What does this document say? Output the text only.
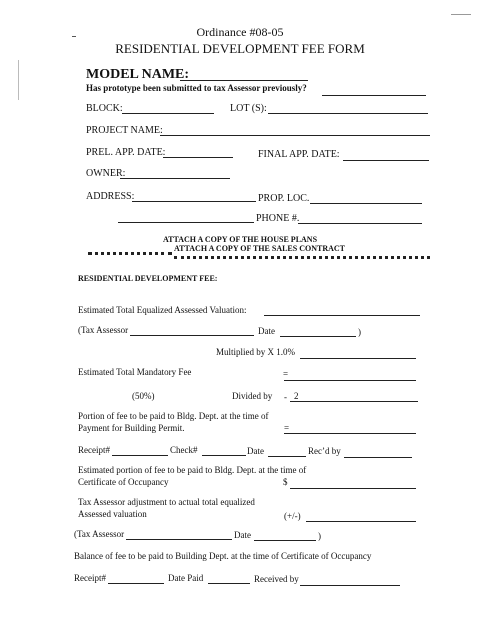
Ordinance #08-05
RESIDENTIAL DEVELOPMENT FEE FORM
MODEL NAME:
Has prototype been submitted to tax Assessor previously?
BLOCK:	LOT (S):
PROJECT NAME:
PREL. APP. DATE:	FINAL APP. DATE:
OWNER:
ADDRESS:	PROP. LOC.
PHONE #.
ATTACH A COPY OF THE HOUSE PLANS
ATTACH A COPY OF THE SALES CONTRACT
RESIDENTIAL DEVELOPMENT FEE:
Estimated Total Equalized Assessed Valuation:
(Tax Assessor	Date	)
Multiplied by X 1.0%
Estimated Total Mandatory Fee	=
(50%)	Divided by - 2
Portion of fee to be paid to Bldg. Dept. at the time of
Payment for Building Permit.	=
Receipt#	Check#	Date	Rec’d by
Estimated portion of fee to be paid to Bldg. Dept. at the time of
Certificate of Occupancy	$
Tax Assessor adjustment to actual total equalized
Assessed valuation	(+/-)
(Tax Assessor	Date	)
Balance of fee to be paid to Building Dept. at the time of Certificate of Occupancy
Receipt#	Date Paid	Received by
